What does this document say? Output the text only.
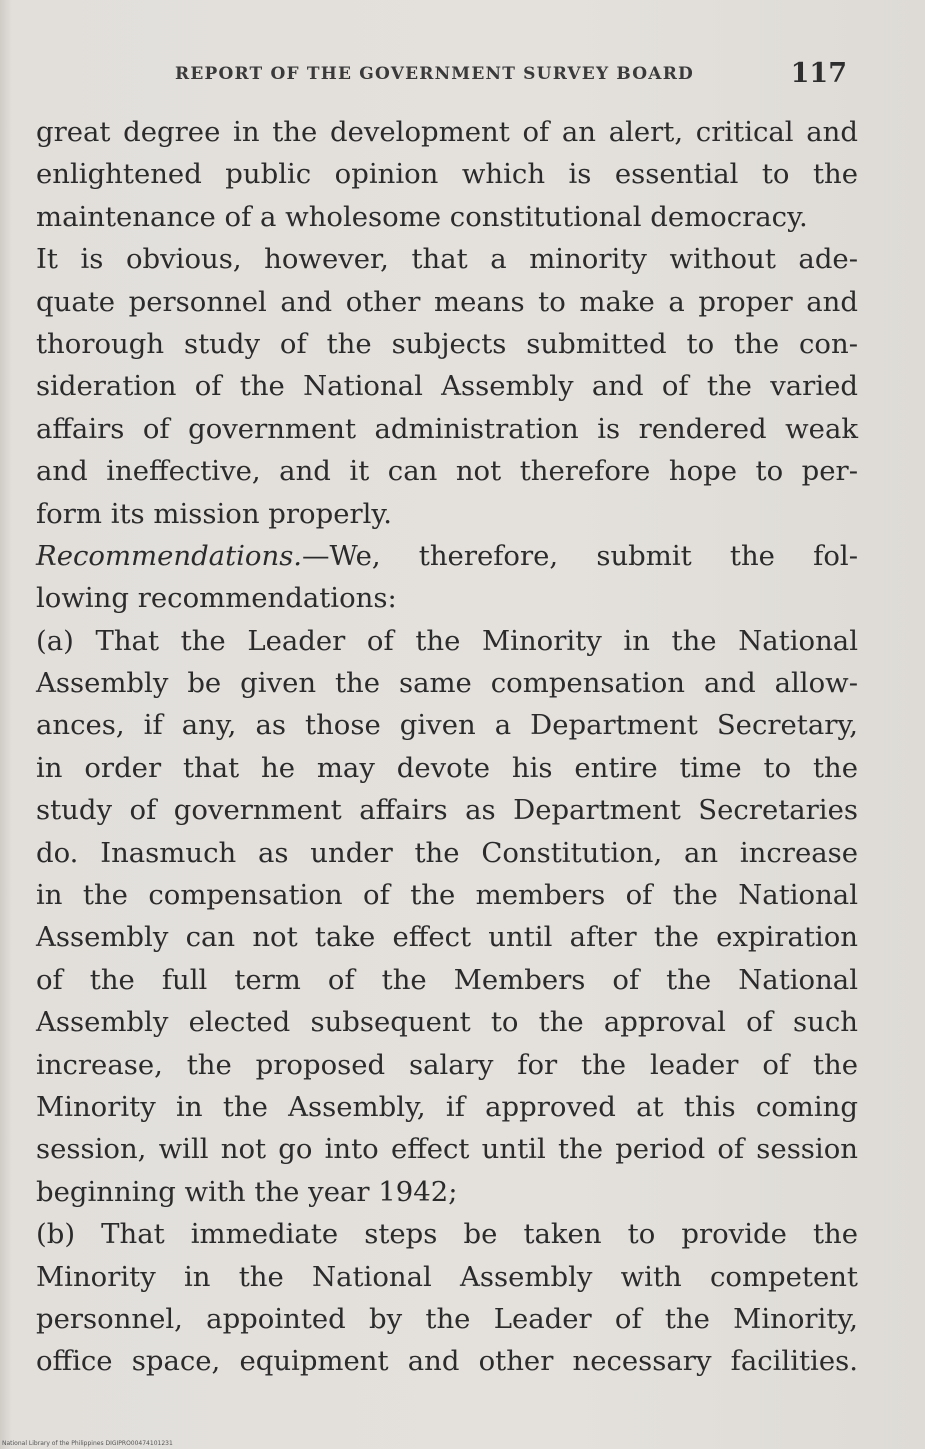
REPORT OF THE GOVERNMENT SURVEY BOARD	117
great degree in the development of an alert, critical and
enlightened public opinion which is essential to the
maintenance of a wholesome constitutional democracy.
It is obvious, however, that a minority without ade-
quate personnel and other means to make a proper and
thorough study of the subjects submitted to the con-
sideration of the National Assembly and of the varied
affairs of government administration is rendered weak
and ineffective, and it can not therefore hope to per-
form its mission properly.
Recommendations.—We, therefore, submit the fol-
lowing recommendations:
(a) That the Leader of the Minority in the National
Assembly be given the same compensation and allow-
ances, if any, as those given a Department Secretary,
in order that he may devote his entire time to the
study of government affairs as Department Secretaries
do. Inasmuch as under the Constitution, an increase
in the compensation of the members of the National
Assembly can not take effect until after the expiration
of the full term of the Members of the National
Assembly elected subsequent to the approval of such
increase, the proposed salary for the leader of the
Minority in the Assembly, if approved at this coming
session, will not go into effect until the period of session
beginning with the year 1942;
(b) That immediate steps be taken to provide the
Minority in the National Assembly with competent
personnel, appointed by the Leader of the Minority,
office space, equipment and other necessary facilities.
National Library of the Philippines DIGIPRO00474101231
